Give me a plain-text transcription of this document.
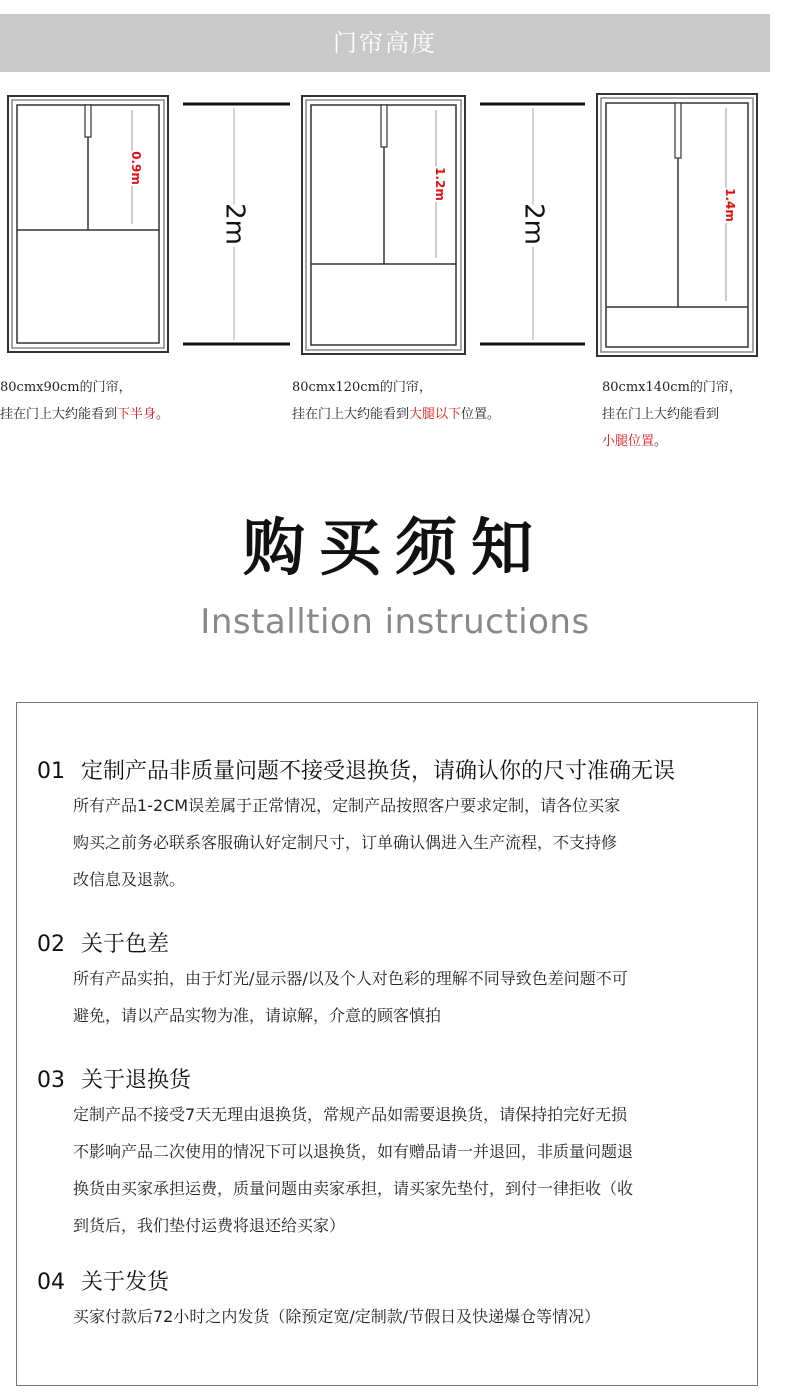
门帘高度
0.9m
2m
1.2m
2m	1.4m
80cmx90cm的门帘，
挂在门上大约能看到下半身。
80cmx120cm的门帘，
挂在门上大约能看到大腿以下位置。
80cmx140cm的门帘，
挂在门上大约能看到
小腿位置。
购买须知
Installtion instructions
01 定制产品非质量问题不接受退换货，请确认你的尺寸准确无误
所有产品1-2CM误差属于正常情况，定制产品按照客户要求定制，请各位买家
购买之前务必联系客服确认好定制尺寸，订单确认偶进入生产流程，不支持修
改信息及退款。
02 关于色差
所有产品实拍，由于灯光/显示器/以及个人对色彩的理解不同导致色差问题不可
避免，请以产品实物为准，请谅解，介意的顾客慎拍
03 关于退换货
定制产品不接受7天无理由退换货，常规产品如需要退换货，请保持拍完好无损
不影响产品二次使用的情况下可以退换货，如有赠品请一并退回，非质量问题退
换货由买家承担运费，质量问题由卖家承担，请买家先垫付，到付一律拒收（收
到货后，我们垫付运费将退还给买家）
04 关于发货
买家付款后72小时之内发货（除预定宽/定制款/节假日及快递爆仓等情况）
